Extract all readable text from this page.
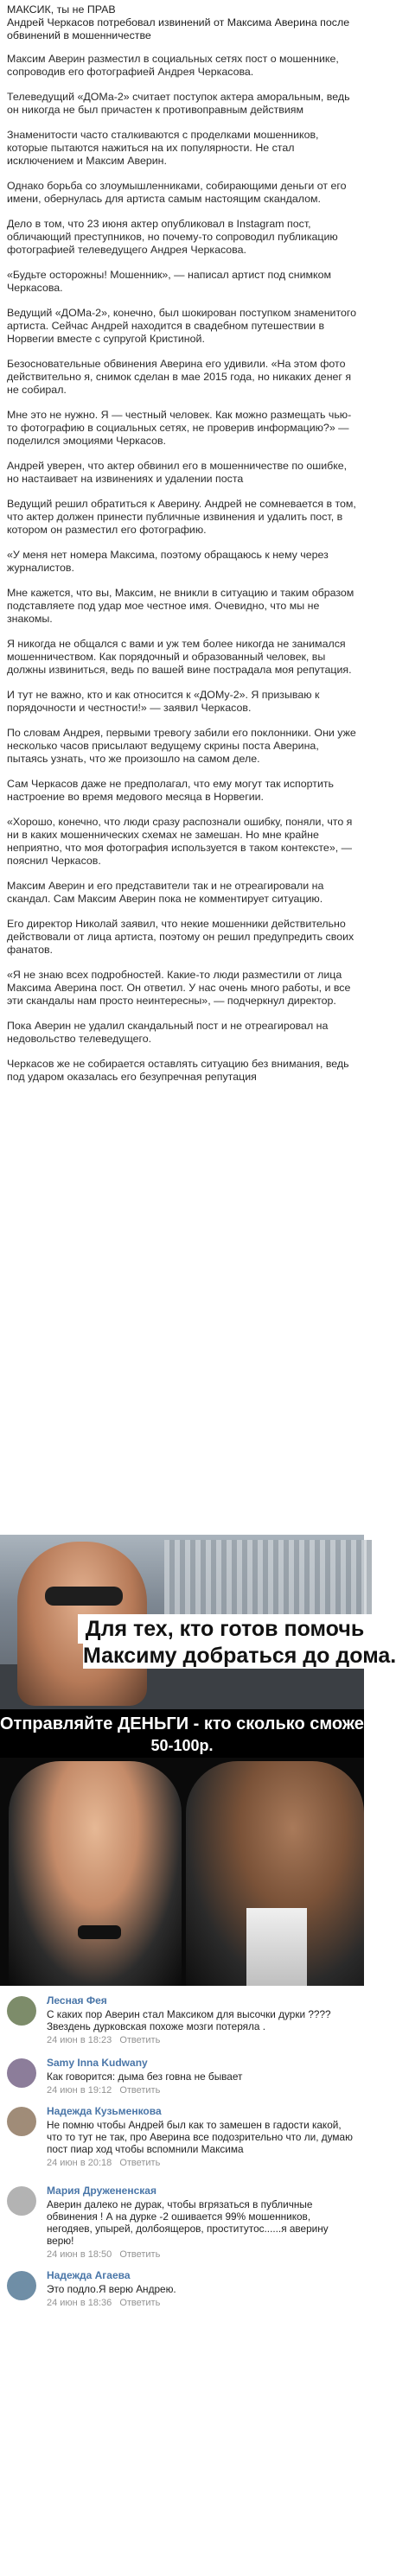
МАКСИК, ты не ПРАВ
Андрей Черкасов потребовал извинений от Максима Аверина после обвинений в мошенничестве

Максим Аверин разместил в социальных сетях пост о мошеннике, сопроводив его фотографией Андрея Черкасова.

Телеведущий «ДОМа-2» считает поступок актера аморальным, ведь он никогда не был причастен к противоправным действиям

Знаменитости часто сталкиваются с проделками мошенников, которые пытаются нажиться на их популярности. Не стал исключением и Максим Аверин.

Однако борьба со злоумышленниками, собирающими деньги от его имени, обернулась для артиста самым настоящим скандалом.

Дело в том, что 23 июня актер опубликовал в Instagram пост, обличающий преступников, но почему-то сопроводил публикацию фотографией телеведущего Андрея Черкасова.

«Будьте осторожны! Мошенник», — написал артист под снимком Черкасова.

Ведущий «ДОМа-2», конечно, был шокирован поступком знаменитого артиста. Сейчас Андрей находится в свадебном путешествии в Норвегии вместе с супругой Кристиной.

Безосновательные обвинения Аверина его удивили. «На этом фото действительно я, снимок сделан в мае 2015 года, но никаких денег я не собирал.

Мне это не нужно. Я — честный человек. Как можно размещать чью-то фотографию в социальных сетях, не проверив информацию?» — поделился эмоциями Черкасов.

Андрей уверен, что актер обвинил его в мошенничестве по ошибке, но настаивает на извинениях и удалении поста

Ведущий решил обратиться к Аверину. Андрей не сомневается в том, что актер должен принести публичные извинения и удалить пост, в котором он разместил его фотографию.

«У меня нет номера Максима, поэтому обращаюсь к нему через журналистов.

Мне кажется, что вы, Максим, не вникли в ситуацию и таким образом подставляете под удар мое честное имя. Очевидно, что мы не знакомы.

Я никогда не общался с вами и уж тем более никогда не занимался мошенничеством. Как порядочный и образованный человек, вы должны извиниться, ведь по вашей вине пострадала моя репутация.

И тут не важно, кто и как относится к «ДОМу-2». Я призываю к порядочности и честности!» — заявил Черкасов.

По словам Андрея, первыми тревогу забили его поклонники. Они уже несколько часов присылают ведущему скрины поста Аверина, пытаясь узнать, что же произошло на самом деле.

Сам Черкасов даже не предполагал, что ему могут так испортить настроение во время медового месяца в Норвегии.

«Хорошо, конечно, что люди сразу распознали ошибку, поняли, что я ни в каких мошеннических схемах не замешан. Но мне крайне неприятно, что моя фотография используется в таком контексте», — пояснил Черкасов.

Максим Аверин и его представители так и не отреагировали на скандал. Сам Максим Аверин пока не комментирует ситуацию.

Его директор Николай заявил, что некие мошенники действительно действовали от лица артиста, поэтому он решил предупредить своих фанатов.

«Я не знаю всех подробностей. Какие-то люди разместили от лица Максима Аверина пост. Он ответил. У нас очень много работы, и все эти скандалы нам просто неинтересны», — подчеркнул директор.

Пока Аверин не удалил скандальный пост и не отреагировал на недовольство телеведущего.

Черкасов же не собирается оставлять ситуацию без внимания, ведь под ударом оказалась его безупречная репутация

Для тех, кто готов помочь
Максиму добраться до дома.
Отправляйте ДЕНЬГИ - кто сколько сможет.
50-100р.
Лесная Фея
С каких пор Аверин стал Максиком для высочки дурки ???? Звездень дурковская похоже мозги потеряла .
24 июн в 18:23 Ответить
Samy Inna Kudwany
Как говорится: дыма без говна не бывает
24 июн в 19:12 Ответить
Надежда Кузьменкова
Не помню чтобы Андрей был как то замешен в гадости какой, что то тут не так, про Аверина все подозрительно что ли, думаю пост пиар ход чтобы вспомнили Максима
24 июн в 20:18 Ответить
Мария Дружененская
Аверин далеко не дурак, чтобы вгрязаться в публичные обвинения ! А на дурке -2 ошивается 99% мошенников, негодяев, упырей, долбоящеров, проститутос......я аверину верю!
24 июн в 18:50 Ответить
Надежда Агаева
Это подло.Я верю Андрею.
24 июн в 18:36 Ответить
